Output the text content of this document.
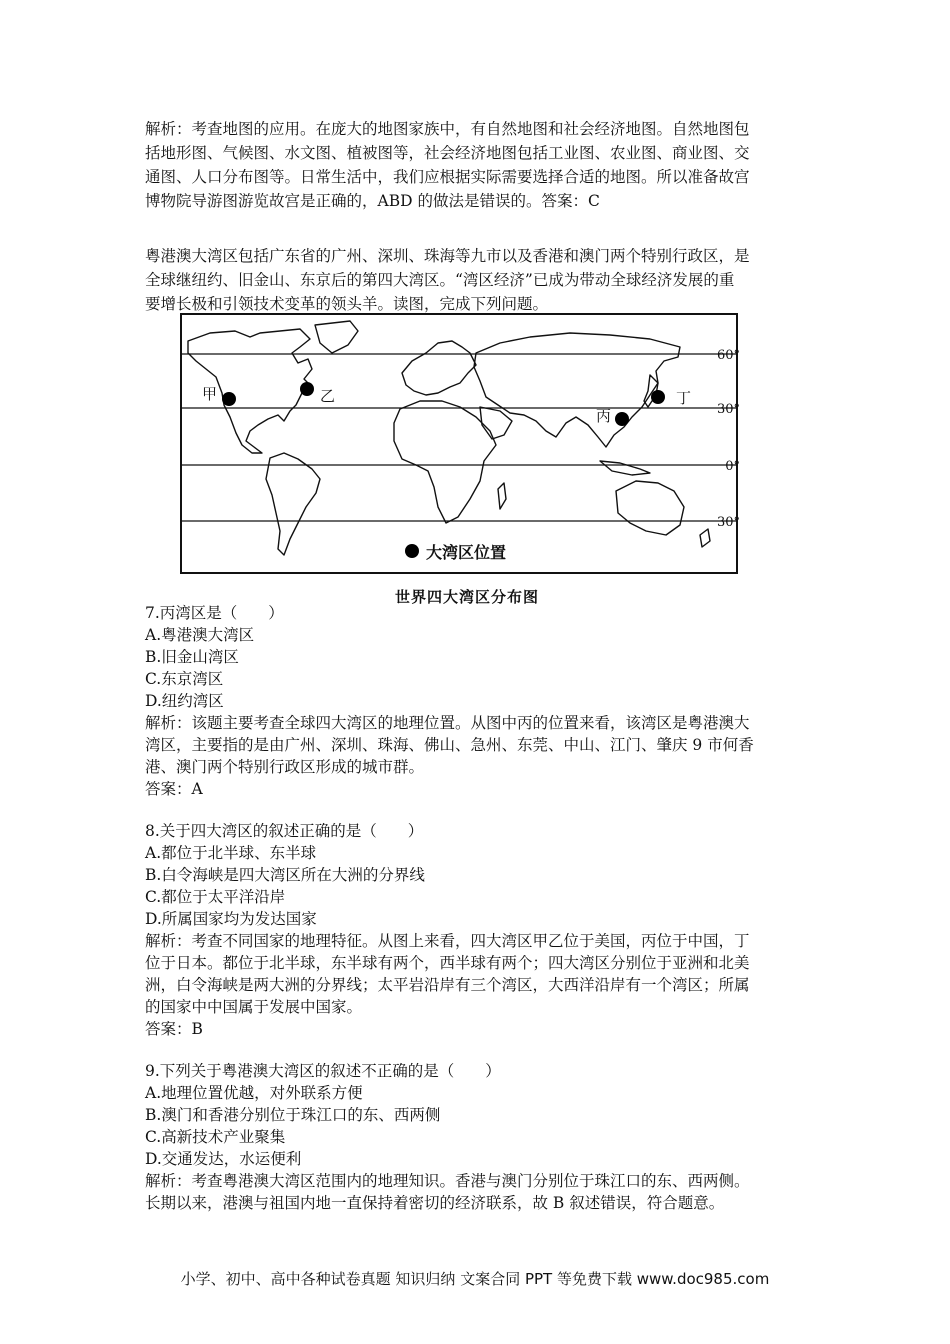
解析：考查地图的应用。在庞大的地图家族中，有自然地图和社会经济地图。自然地图包
括地形图、气候图、水文图、植被图等，社会经济地图包括工业图、农业图、商业图、交
通图、人口分布图等。日常生活中，我们应根据实际需要选择合适的地图。所以准备故宫
博物院导游图游览故宫是正确的，ABD 的做法是错误的。答案：C
粤港澳大湾区包括广东省的广州、深圳、珠海等九市以及香港和澳门两个特别行政区，是
全球继纽约、旧金山、东京后的第四大湾区。“湾区经济”已成为带动全球经济发展的重
要增长极和引领技术变革的领头羊。读图，完成下列问题。
甲	乙
丙
丁
60°
30°
0°
30°
大湾区位置
世界四大湾区分布图
7.丙湾区是（　　）
A.粤港澳大湾区
B.旧金山湾区
C.东京湾区
D.纽约湾区
解析：该题主要考查全球四大湾区的地理位置。从图中丙的位置来看，该湾区是粤港澳大
湾区，主要指的是由广州、深圳、珠海、佛山、急州、东莞、中山、江门、肇庆 9 市何香
港、澳门两个特别行政区形成的城市群。
答案：A
8.关于四大湾区的叙述正确的是（　　）
A.都位于北半球、东半球
B.白令海峡是四大湾区所在大洲的分界线
C.都位于太平洋沿岸
D.所属国家均为发达国家
解析：考查不同国家的地理特征。从图上来看，四大湾区甲乙位于美国，丙位于中国，丁
位于日本。都位于北半球，东半球有两个，西半球有两个；四大湾区分别位于亚洲和北美
洲，白令海峡是两大洲的分界线；太平岩沿岸有三个湾区，大西洋沿岸有一个湾区；所属
的国家中中国属于发展中国家。
答案：B
9.下列关于粤港澳大湾区的叙述不正确的是（　　）
A.地理位置优越，对外联系方便
B.澳门和香港分别位于珠江口的东、西两侧
C.高新技术产业聚集
D.交通发达，水运便利
解析：考查粤港澳大湾区范围内的地理知识。香港与澳门分别位于珠江口的东、西两侧。
长期以来，港澳与祖国内地一直保持着密切的经济联系，故 B 叙述错误，符合题意。
小学、初中、高中各种试卷真题 知识归纳 文案合同 PPT 等免费下载 www.doc985.com
